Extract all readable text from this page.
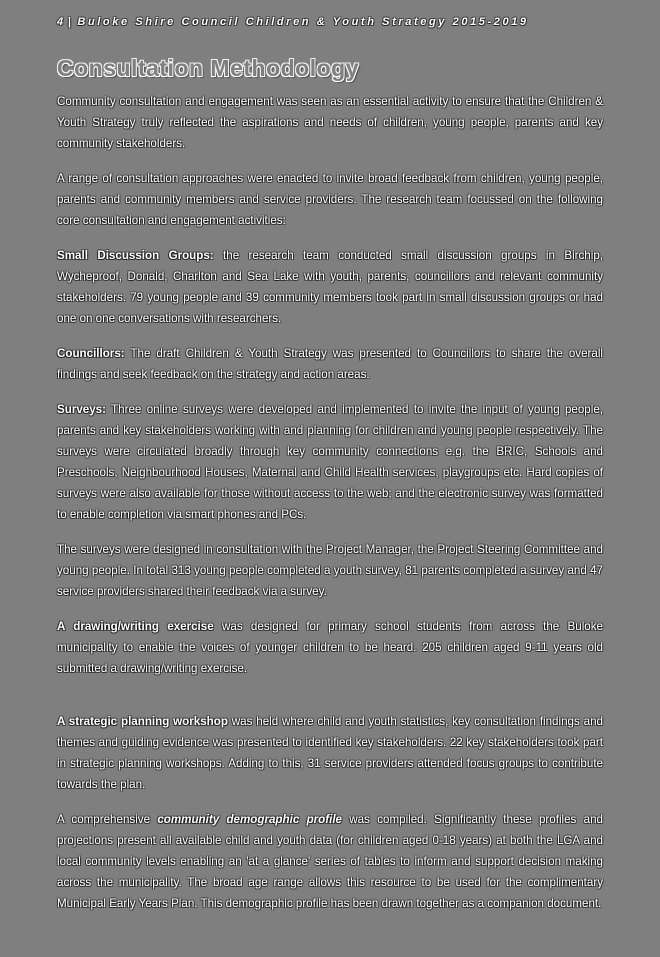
4 | Buloke Shire Council Children & Youth Strategy 2015-2019
Consultation Methodology

Community consultation and engagement was seen as an essential activity to ensure that the Children & Youth Strategy truly reflected the aspirations and needs of children, young people, parents and key community stakeholders.

A range of consultation approaches were enacted to invite broad feedback from children, young people, parents and community members and service providers. The research team focussed on the following core consultation and engagement activities:

Small Discussion Groups: the research team conducted small discussion groups in Birchip, Wycheproof, Donald, Charlton and Sea Lake with youth, parents, councillors and relevant community stakeholders. 79 young people and 39 community members took part in small discussion groups or had one on one conversations with researchers.

Councillors: The draft Children & Youth Strategy was presented to Councillors to share the overall findings and seek feedback on the strategy and action areas.

Surveys: Three online surveys were developed and implemented to invite the input of young people, parents and key stakeholders working with and planning for children and young people respectively. The surveys were circulated broadly through key community connections e.g. the BRIC, Schools and Preschools, Neighbourhood Houses, Maternal and Child Health services, playgroups etc. Hard copies of surveys were also available for those without access to the web; and the electronic survey was formatted to enable completion via smart phones and PCs.

The surveys were designed in consultation with the Project Manager, the Project Steering Committee and young people. In total 313 young people completed a youth survey, 81 parents completed a survey and 47 service providers shared their feedback via a survey.

A drawing/writing exercise was designed for primary school students from across the Buloke municipality to enable the voices of younger children to be heard. 205 children aged 9-11 years old submitted a drawing/writing exercise.

A strategic planning workshop was held where child and youth statistics, key consultation findings and themes and guiding evidence was presented to identified key stakeholders. 22 key stakeholders took part in strategic planning workshops. Adding to this, 31 service providers attended focus groups to contribute towards the plan.

A comprehensive community demographic profile was compiled. Significantly these profiles and projections present all available child and youth data (for children aged 0-18 years) at both the LGA and local community levels enabling an 'at a glance' series of tables to inform and support decision making across the municipality. The broad age range allows this resource to be used for the complimentary Municipal Early Years Plan. This demographic profile has been drawn together as a companion document.
